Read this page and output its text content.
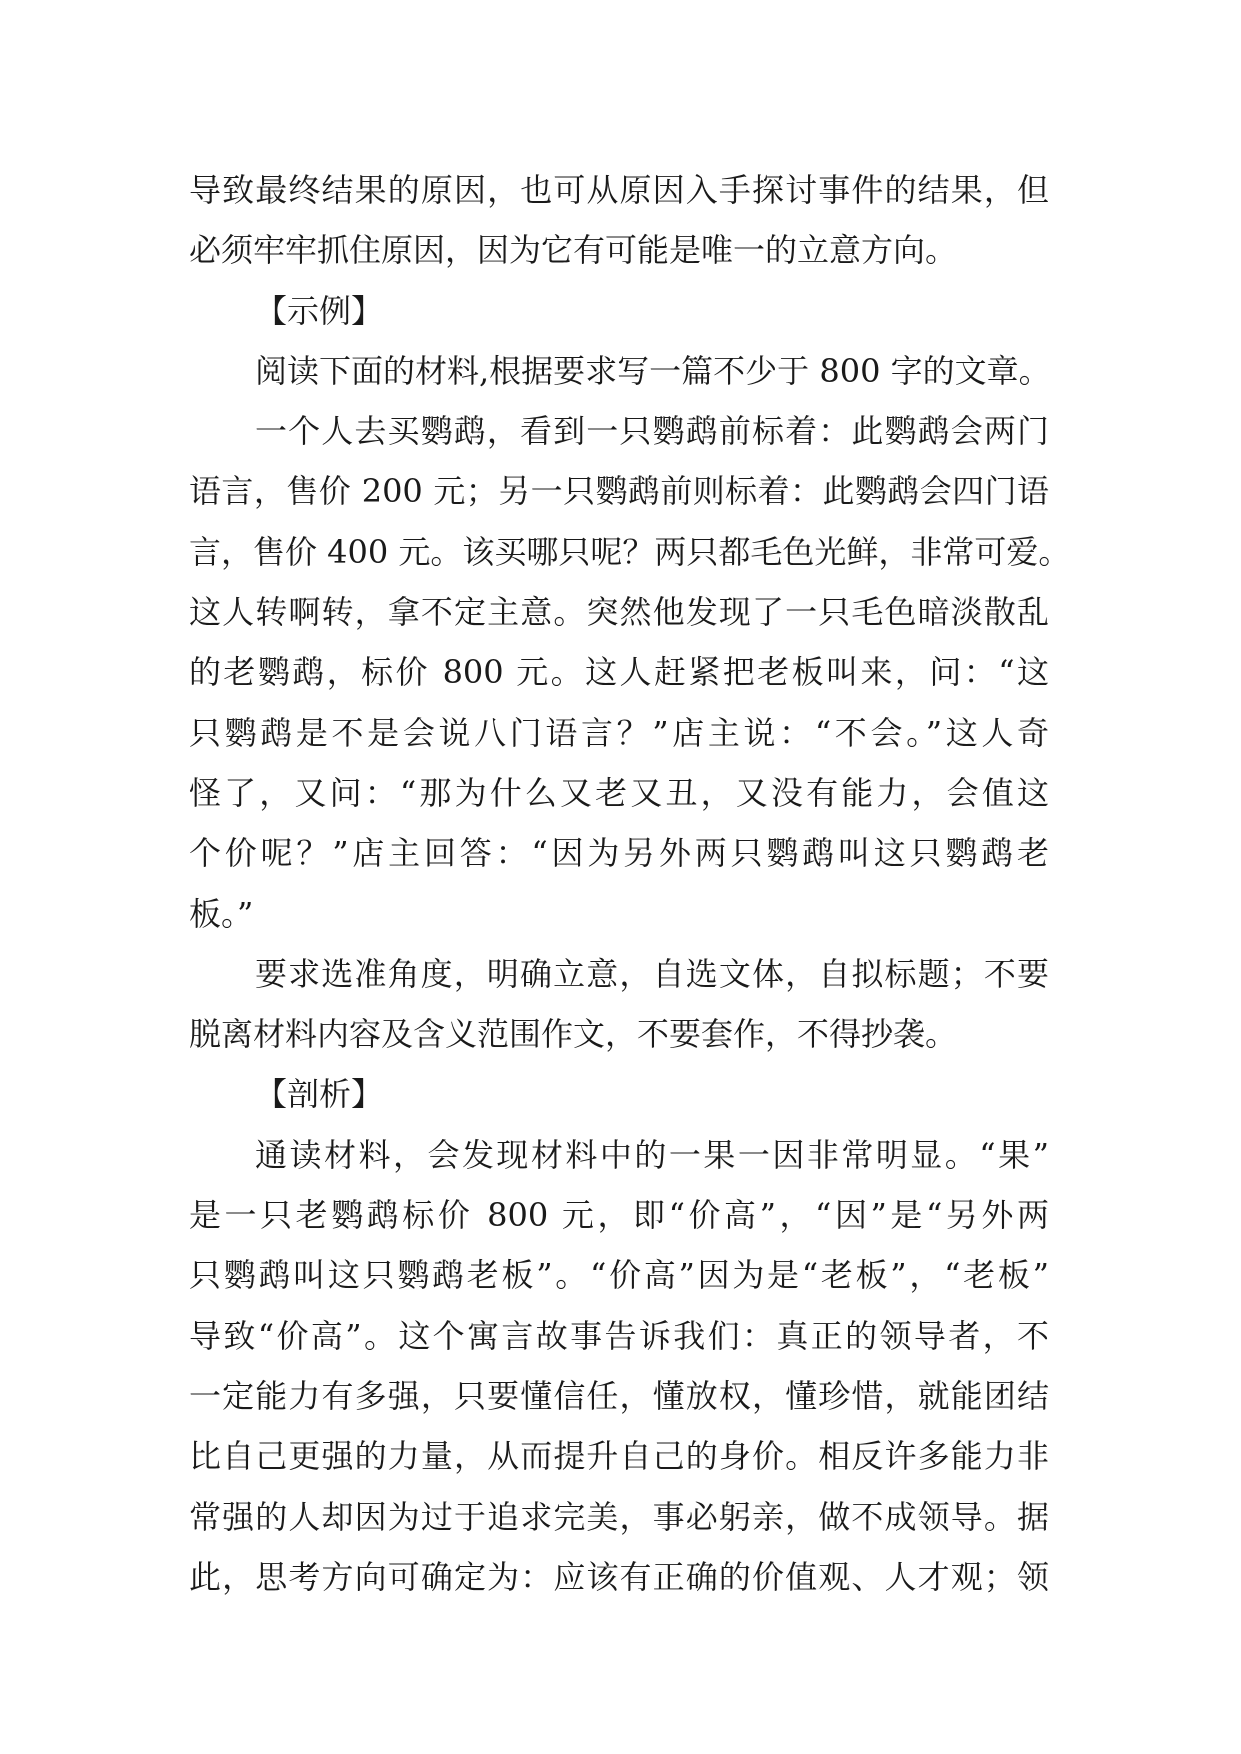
导致最终结果的原因，也可从原因入手探讨事件的结果，但
必须牢牢抓住原因，因为它有可能是唯一的立意方向。
【示例】
阅读下面的材料,根据要求写一篇不少于 800 字的文章。
一个人去买鹦鹉，看到一只鹦鹉前标着：此鹦鹉会两门
语言，售价 200 元；另一只鹦鹉前则标着：此鹦鹉会四门语
言，售价 400 元。该买哪只呢？两只都毛色光鲜，非常可爱。
这人转啊转，拿不定主意。突然他发现了一只毛色暗淡散乱
的老鹦鹉，标价 800 元。这人赶紧把老板叫来，问：“这
只鹦鹉是不是会说八门语言？”店主说：“不会。”这人奇
怪了，又问：“那为什么又老又丑，又没有能力，会值这
个价呢？”店主回答：“因为另外两只鹦鹉叫这只鹦鹉老
板。”
要求选准角度，明确立意，自选文体，自拟标题；不要
脱离材料内容及含义范围作文，不要套作，不得抄袭。
【剖析】
通读材料，会发现材料中的一果一因非常明显。“果”
是一只老鹦鹉标价 800 元，即“价高”，“因”是“另外两
只鹦鹉叫这只鹦鹉老板”。“价高”因为是“老板”，“老板”
导致“价高”。这个寓言故事告诉我们：真正的领导者，不
一定能力有多强，只要懂信任，懂放权，懂珍惜，就能团结
比自己更强的力量，从而提升自己的身价。相反许多能力非
常强的人却因为过于追求完美，事必躬亲，做不成领导。据
此，思考方向可确定为：应该有正确的价值观、人才观；领
